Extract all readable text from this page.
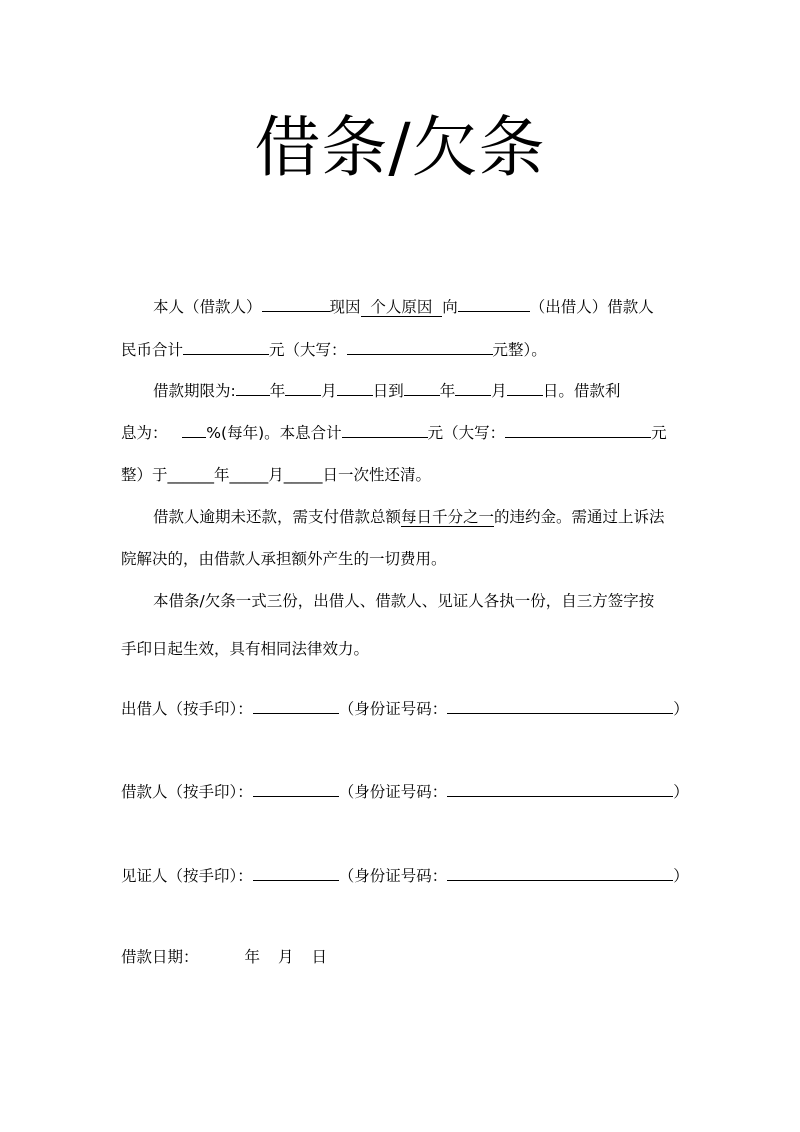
借条/欠条
本人（借款人）	现因 个人原因 向	（出借人）借款人
民币合计	元（大写：	元整）。
借款期限为: 年 月 日到 年 月 日。借款利
息为：	%(每年)。本息合计	元（大写：	元
整）于______年_____月_____日一次性还清。
借款人逾期未还款，需支付借款总额每日千分之一的违约金。需通过上诉法
院解决的，由借款人承担额外产生的一切费用。
本借条/欠条一式三份，出借人、借款人、见证人各执一份，自三方签字按
手印日起生效，具有相同法律效力。
出借人（按手印）：	（身份证号码：	）
借款人（按手印）：	（身份证号码：	）
见证人（按手印）：	（身份证号码：	）
借款日期：	年 月 日
